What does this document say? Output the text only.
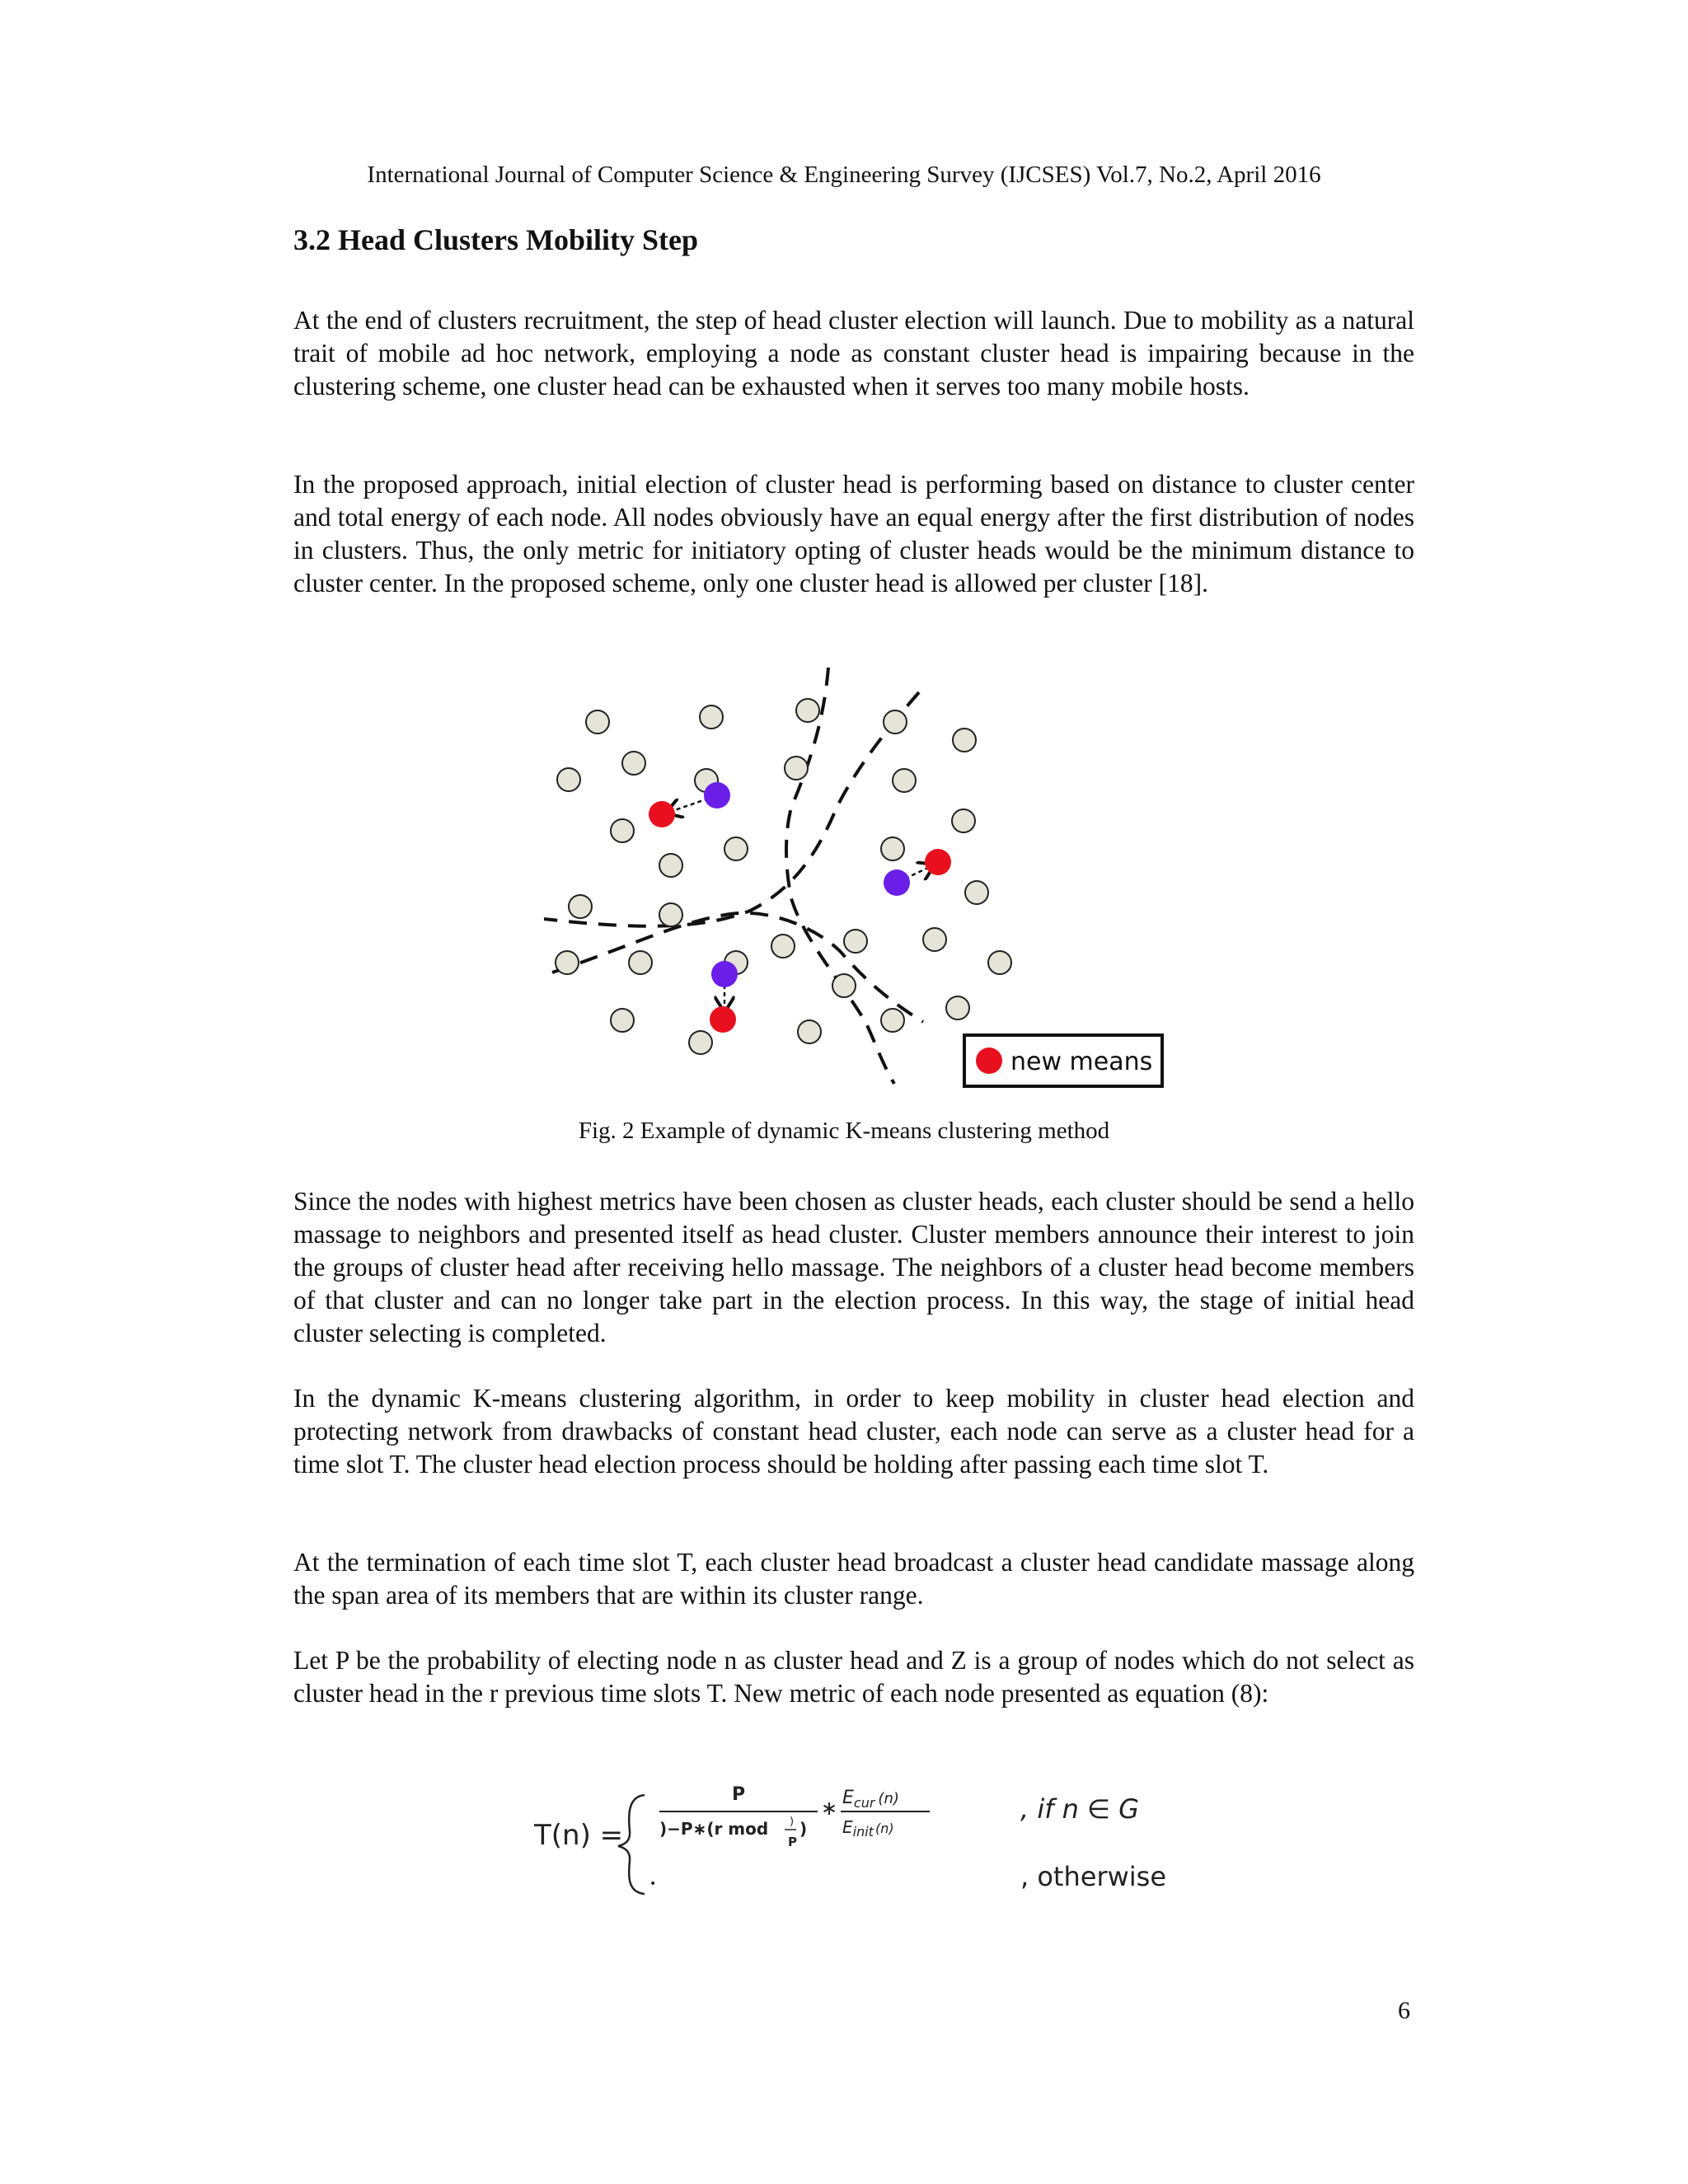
International Journal of Computer Science & Engineering Survey (IJCSES) Vol.7, No.2, April 2016
3.2 Head Clusters Mobility Step

At the end of clusters recruitment, the step of head cluster election will launch. Due to mobility as a natural trait of mobile ad hoc network, employing a node as constant cluster head is impairing because in the clustering scheme, one cluster head can be exhausted when it serves too many mobile hosts.

In the proposed approach, initial election of cluster head is performing based on distance to cluster center and total energy of each node. All nodes obviously have an equal energy after the first distribution of nodes in clusters. Thus, the only metric for initiatory opting of cluster heads would be the minimum distance to cluster center. In the proposed scheme, only one cluster head is allowed per cluster [18].

new means
Fig. 2 Example of dynamic K-means clustering method

Since the nodes with highest metrics have been chosen as cluster heads, each cluster should be send a hello massage to neighbors and presented itself as head cluster. Cluster members announce their interest to join the groups of cluster head after receiving hello massage. The neighbors of a cluster head become members of that cluster and can no longer take part in the election process. In this way, the stage of initial head cluster selecting is completed.

In the dynamic K-means clustering algorithm, in order to keep mobility in cluster head election and protecting network from drawbacks of constant head cluster, each node can serve as a cluster head for a time slot T. The cluster head election process should be holding after passing each time slot T.

At the termination of each time slot T, each cluster head broadcast a cluster head candidate massage along the span area of its members that are within its cluster range.

Let P be the probability of electing node n as cluster head and Z is a group of nodes which do not select as cluster head in the r previous time slots T. New metric of each node presented as equation (8):

T(n) =
P
)−P∗(r mod )
P
)
∗ $E_{cur}$ $^{(n)}$
$E_{init}$ $^{(n)}$
•
, if n ∈ G
, otherwise
6
